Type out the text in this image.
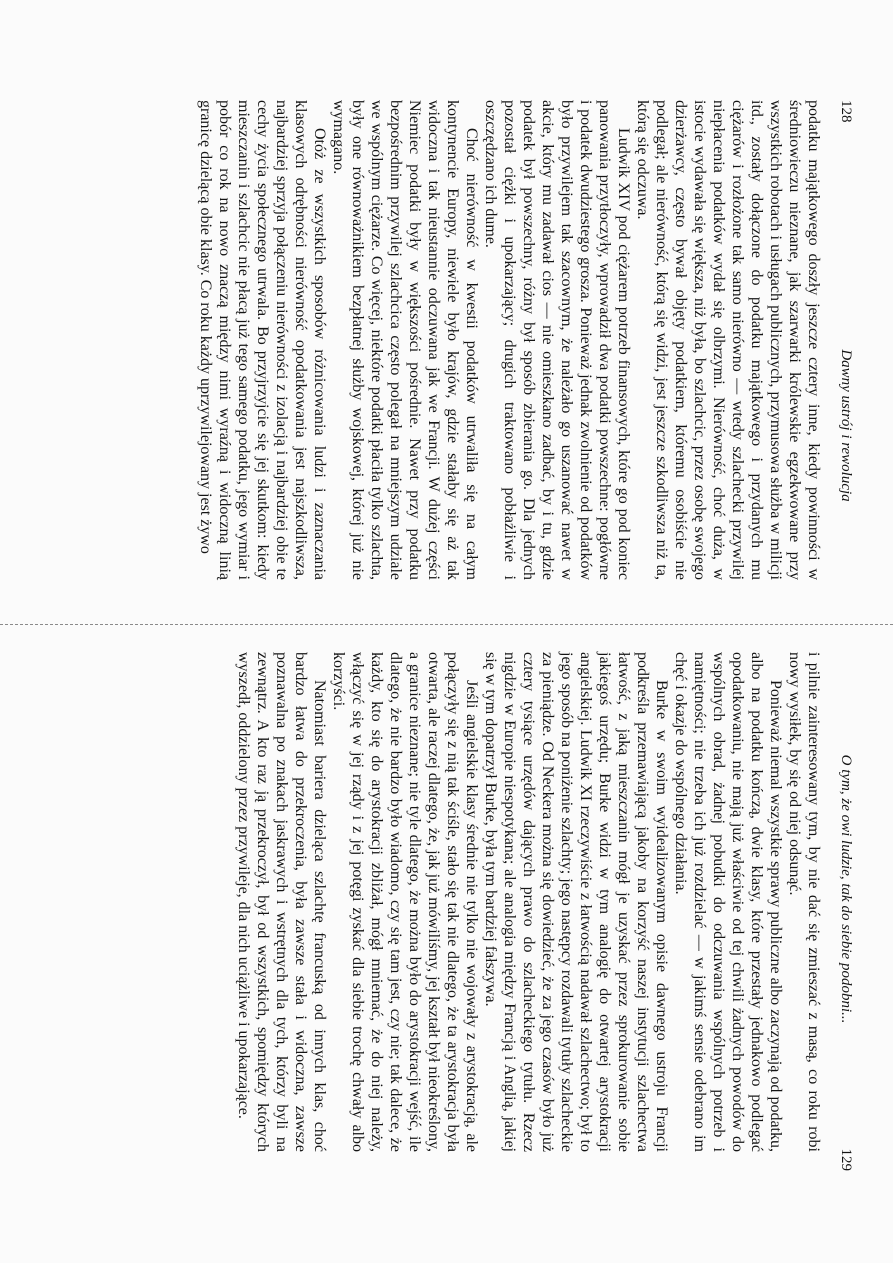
128
Dawny ustrój i rewolucja

podatku majątkowego doszły jeszcze cztery inne, kiedy powinności w średniowieczu nieznane, jak szarwarki królewskie egzekwowane przy wszystkich robotach i usługach publicznych, przymusowa służba w milicji itd., zostały dołączone do podatku majątkowego i przydanych mu ciężarów i rozłożone tak samo nierówno — wtedy szlachecki przywilej niepłacenia podatków wydał się olbrzymi. Nierówność, choć duża, w istocie wydawała się większa, niż była, bo szlachcic, przez osobę swojego dzierżawcy, często bywał objęty podatkiem, któremu osobiście nie podlegał; ale nierówność, którą się widzi, jest jeszcze szkodliwsza niż ta, którą się odczuwa.

Ludwik XIV pod ciężarem potrzeb finansowych, które go pod koniec panowania przytłoczyły, wprowadził dwa podatki powszechne: pogłówne i podatek dwudziestego grosza. Ponieważ jednak zwolnienie od podatków było przywilejem tak szacownym, że należało go uszanować nawet w akcie, który mu zadawał cios — nie omieszkano zadbać, by i tu, gdzie podatek był powszechny, różny był sposób zbierania go. Dla jednych pozostał ciężki i upokarzający; drugich traktowano pobłażliwie i oszczędzano ich dume.

Choć nierówność w kwestii podatków utrwaliła się na całym kontynencie Europy, niewiele było krajów, gdzie stałaby się aż tak widoczna i tak nieustannie odczuwana jak we Francji. W dużej części Niemiec podatki były w większości pośrednie. Nawet przy podatku bezpośrednim przywilej szlachcica często polegał na mniejszym udziale we wspólnym ciężarze. Co więcej, niektóre podatki płaciła tylko szlachta, były one równoważnikiem bezpłatnej służby wojskowej, której już nie wymagano.

Otóż ze wszystkich sposobów różnicowania ludzi i zaznaczania klasowych odrębności nierówność opodatkowania jest najszkodliwsza, najbardziej sprzyja połączeniu nierówności z izolacją i najbardziej obie te cechy życia społecznego utrwala. Bo przyjrzyjcie się jej skutkom: kiedy mieszczanin i szlachcic nie płacą już tego samego podatku, jego wymiar i pobór co rok na nowo znaczą między nimi wyraźną i widoczną linią granicę dzielącą obie klasy. Co roku każdy uprzywilejowany jest żywo

O tym, że owi ludzie, tak do siebie podobni...
129

i pilnie zainteresowany tym, by nie dać się zmieszać z masą, co roku robi nowy wysiłek, by się od niej odsunąć.

Ponieważ niemal wszystkie sprawy publiczne albo zaczynają od podatku, albo na podatku kończą, dwie klasy, które przestały jednakowo podlegać opodatkowaniu, nie mają już właściwie od tej chwili żadnych powodów do wspólnych obrad, żadnej pobudki do odczuwania wspólnych potrzeb i namiętności; nie trzeba ich już rozdzielać — w jakimś sensie odebrano im chęć i okazje do wspólnego działania.

Burke w swoim wyidealizowanym opisie dawnego ustroju Francji podkreśla przemawiającą jakoby na korzyść naszej instytucji szlachectwa łatwość, z jaką mieszczanin mógł je uzyskać przez sprokurowanie sobie jakiegoś urzędu; Burke widzi w tym analogię do otwartej arystokracji angielskiej. Ludwik XI rzeczywiście z łatwością nadawał szlachectwo; był to jego sposób na poniżenie szlachty; jego następcy rozdawali tytuły szlacheckie za pieniądze. Od Neckera można się dowiedzieć, że za jego czasów było już cztery tysiące urzędów dających prawo do szlacheckiego tytułu. Rzecz nigdzie w Europie niespotykana; ale analogia między Francją i Anglią, jakiej się w tym dopatrzył Burke, była tym bardziej fałszywa.

Jeśli angielskie klasy średnie nie tylko nie wojowały z arystokracją, ale połączyły się z nią tak ściśle, stało się tak nie dlatego, że ta arystokracja była otwarta, ale raczej dlatego, że, jak już mówiliśmy, jej kształt był nieokreślony, a granice nieznane; nie tyle dlatego, że można było do arystokracji wejść, ile dlatego, że nie bardzo było wiadomo, czy się tam jest, czy nie; tak dalece, że każdy, kto się do arystokracji zbliżał, mógł mniemać, że do niej należy, włączyć się w jej rządy i z jej potęgi zyskać dla siebie trochę chwały albo korzyści.

Natomiast bariera dzieląca szlachtę francuską od innych klas, choć bardzo łatwa do przekroczenia, była zawsze stała i widoczna, zawsze poznawalna po znakach jaskrawych i wstrętnych dla tych, którzy byli na zewnątrz. A kto raz ją przekroczył, był od wszystkich, spomiędzy których wyszedł, oddzielony przez przywileje, dla nich uciążliwe i upokarzające.
